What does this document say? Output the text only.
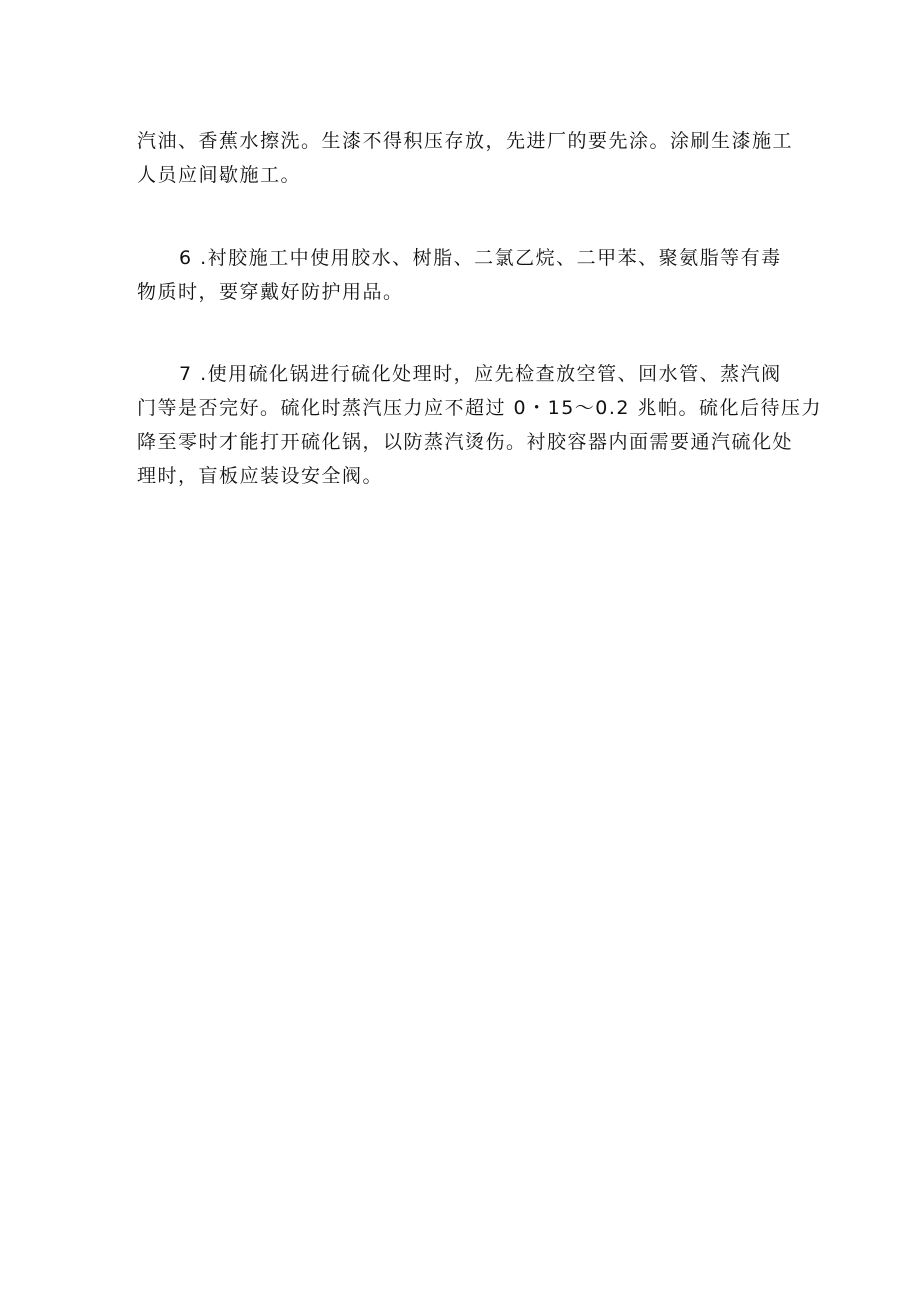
汽油、香蕉水擦洗。生漆不得积压存放，先进厂的要先涂。涂刷生漆施工
人员应间歇施工。
6 .衬胶施工中使用胶水、树脂、二氯乙烷、二甲苯、聚氨脂等有毒
物质时，要穿戴好防护用品。
7 .使用硫化锅进行硫化处理时，应先检查放空管、回水管、蒸汽阀
门等是否完好。硫化时蒸汽压力应不超过 0・15～0.2 兆帕。硫化后待压力
降至零时才能打开硫化锅，以防蒸汽烫伤。衬胶容器内面需要通汽硫化处
理时，盲板应装设安全阀。
